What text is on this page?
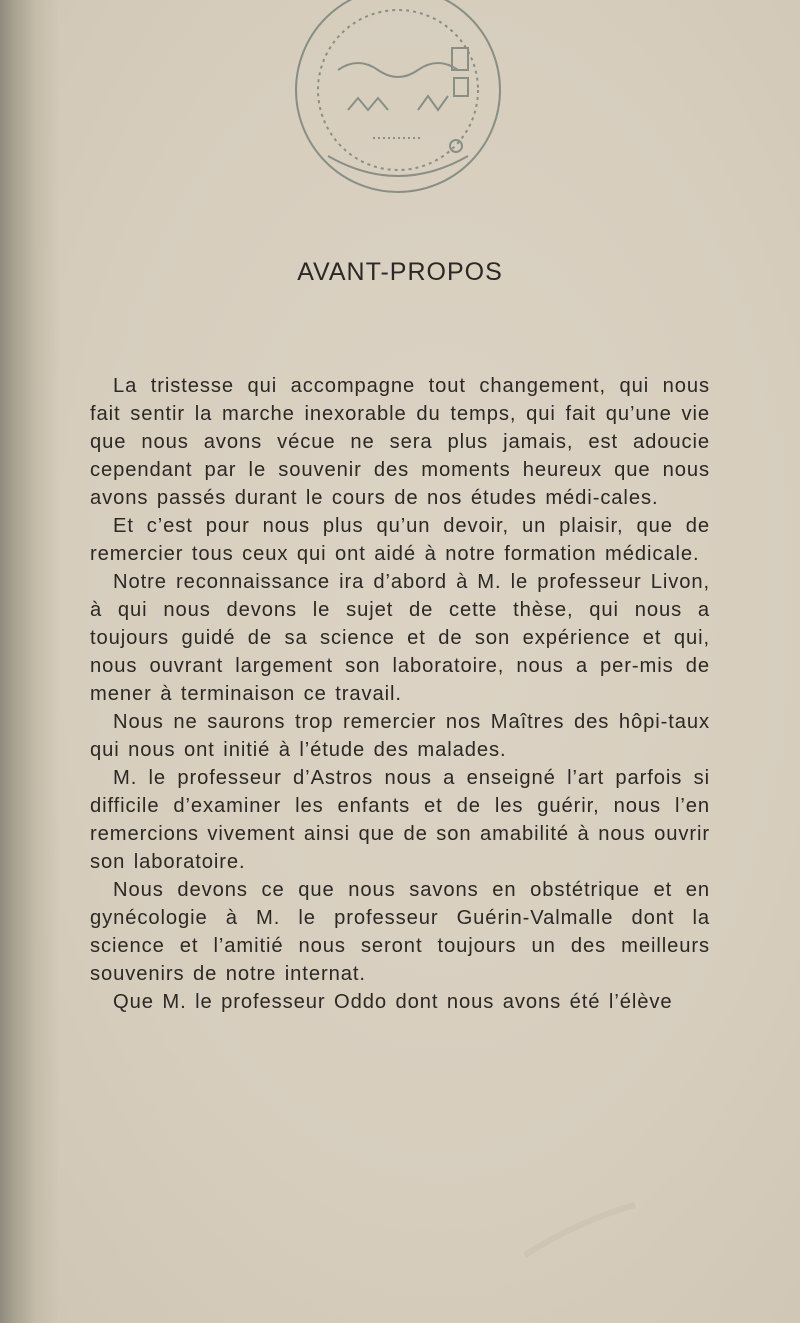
AVANT-PROPOS

La tristesse qui accompagne tout changement, qui nous fait sentir la marche inexorable du temps, qui fait qu’une vie que nous avons vécue ne sera plus jamais, est adoucie cependant par le souvenir des moments heureux que nous avons passés durant le cours de nos études médi-cales.

Et c’est pour nous plus qu’un devoir, un plaisir, que de remercier tous ceux qui ont aidé à notre formation médicale.

Notre reconnaissance ira d’abord à M. le professeur Livon, à qui nous devons le sujet de cette thèse, qui nous a toujours guidé de sa science et de son expérience et qui, nous ouvrant largement son laboratoire, nous a per-mis de mener à terminaison ce travail.

Nous ne saurons trop remercier nos Maîtres des hôpi-taux qui nous ont initié à l’étude des malades.

M. le professeur d’Astros nous a enseigné l’art parfois si difficile d’examiner les enfants et de les guérir, nous l’en remercions vivement ainsi que de son amabilité à nous ouvrir son laboratoire.

Nous devons ce que nous savons en obstétrique et en gynécologie à M. le professeur Guérin-Valmalle dont la science et l’amitié nous seront toujours un des meilleurs souvenirs de notre internat.

Que M. le professeur Oddo dont nous avons été l’élève
